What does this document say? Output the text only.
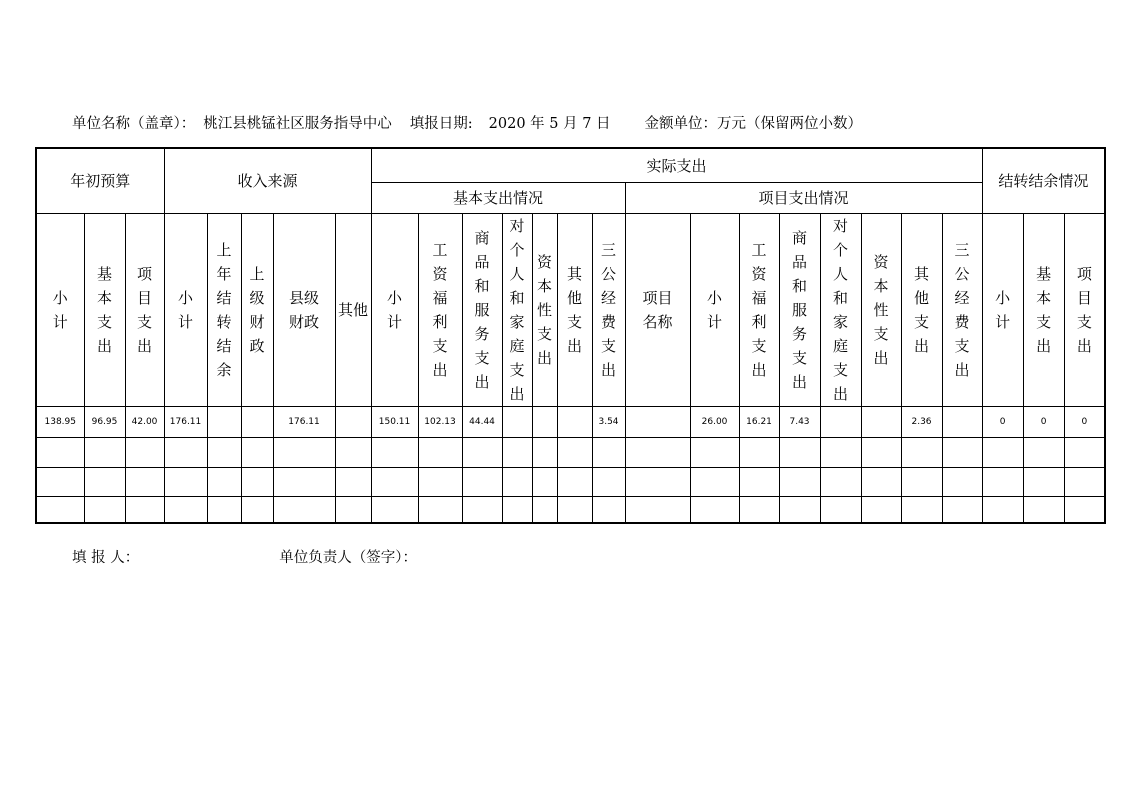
单位名称（盖章）： 桃江县桃锰社区服务指导中心 填报日期: 2020 年 5 月 7 日 金额单位：万元（保留两位小数）
年初预算			收入来源					实际支出															结转结余情况		
								基本支出情况							项目支出情况										
小计	基本支出	项目支出	小计	上年结转结余	上级财政	县级财政	其他	小计	工资福利支出	商品和服务支出	对个人和家庭支出	资本性支出	其他支出	三公经费支出	项目名称	小计	工资福利支出	商品和服务支出	对个人和家庭支出	资本性支出	其他支出	三公经费支出	小计	基本支出	项目支出
138.95	96.95	42.00	176.11			176.11		150.11	102.13	44.44				3.54		26.00	16.21	7.43			2.36		0	0	0

填 报 人：	单位负责人（签字）：
